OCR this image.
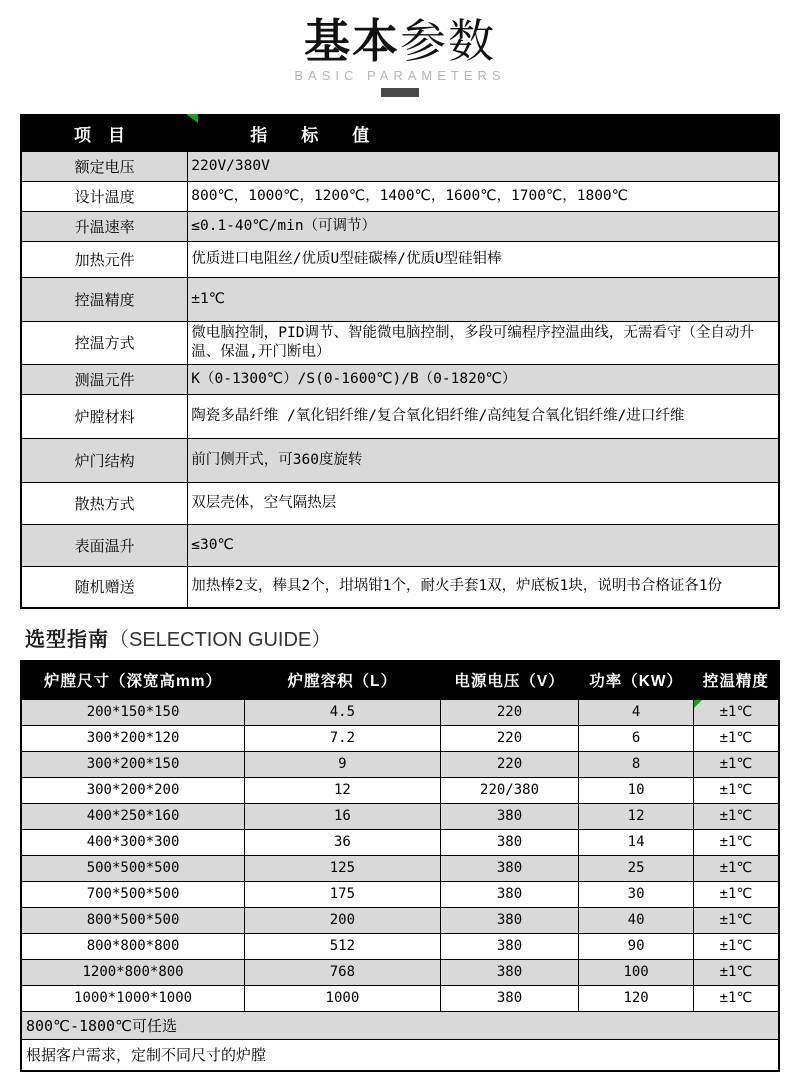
基本参数
BASIC PARAMETERS
项　目	指　　标　　值
额定电压	220V/380V
设计温度	800℃，1000℃，1200℃，1400℃，1600℃，1700℃，1800℃
升温速率	≤0.1-40℃/min（可调节）
加热元件	优质进口电阻丝/优质U型硅碳棒/优质U型硅钼棒
控温精度	±1℃
控温方式	微电脑控制，PID调节、智能微电脑控制，多段可编程序控温曲线，无需看守（全自动升温、保温,开门断电）
测温元件	K（0-1300℃）/S(0-1600℃)/B（0-1820℃）
炉膛材料	陶瓷多晶纤维 /氧化铝纤维/复合氧化铝纤维/高纯复合氧化铝纤维/进口纤维
炉门结构	前门侧开式，可360度旋转
散热方式	双层壳体，空气隔热层
表面温升	≤30℃
随机赠送	加热棒2支，棒具2个，坩埚钳1个，耐火手套1双，炉底板1块，说明书合格证各1份
选型指南（SELECTION GUIDE）
炉膛尺寸（深宽高mm）	炉膛容积（L）	电源电压（V）	功率（KW）	控温精度
200*150*150	4.5	220	4	±1℃
300*200*120	7.2	220	6	±1℃
300*200*150	9	220	8	±1℃
300*200*200	12	220/380	10	±1℃
400*250*160	16	380	12	±1℃
400*300*300	36	380	14	±1℃
500*500*500	125	380	25	±1℃
700*500*500	175	380	30	±1℃
800*500*500	200	380	40	±1℃
800*800*800	512	380	90	±1℃
1200*800*800	768	380	100	±1℃
1000*1000*1000	1000	380	120	±1℃
800℃-1800℃可任选				
根据客户需求，定制不同尺寸的炉膛				
